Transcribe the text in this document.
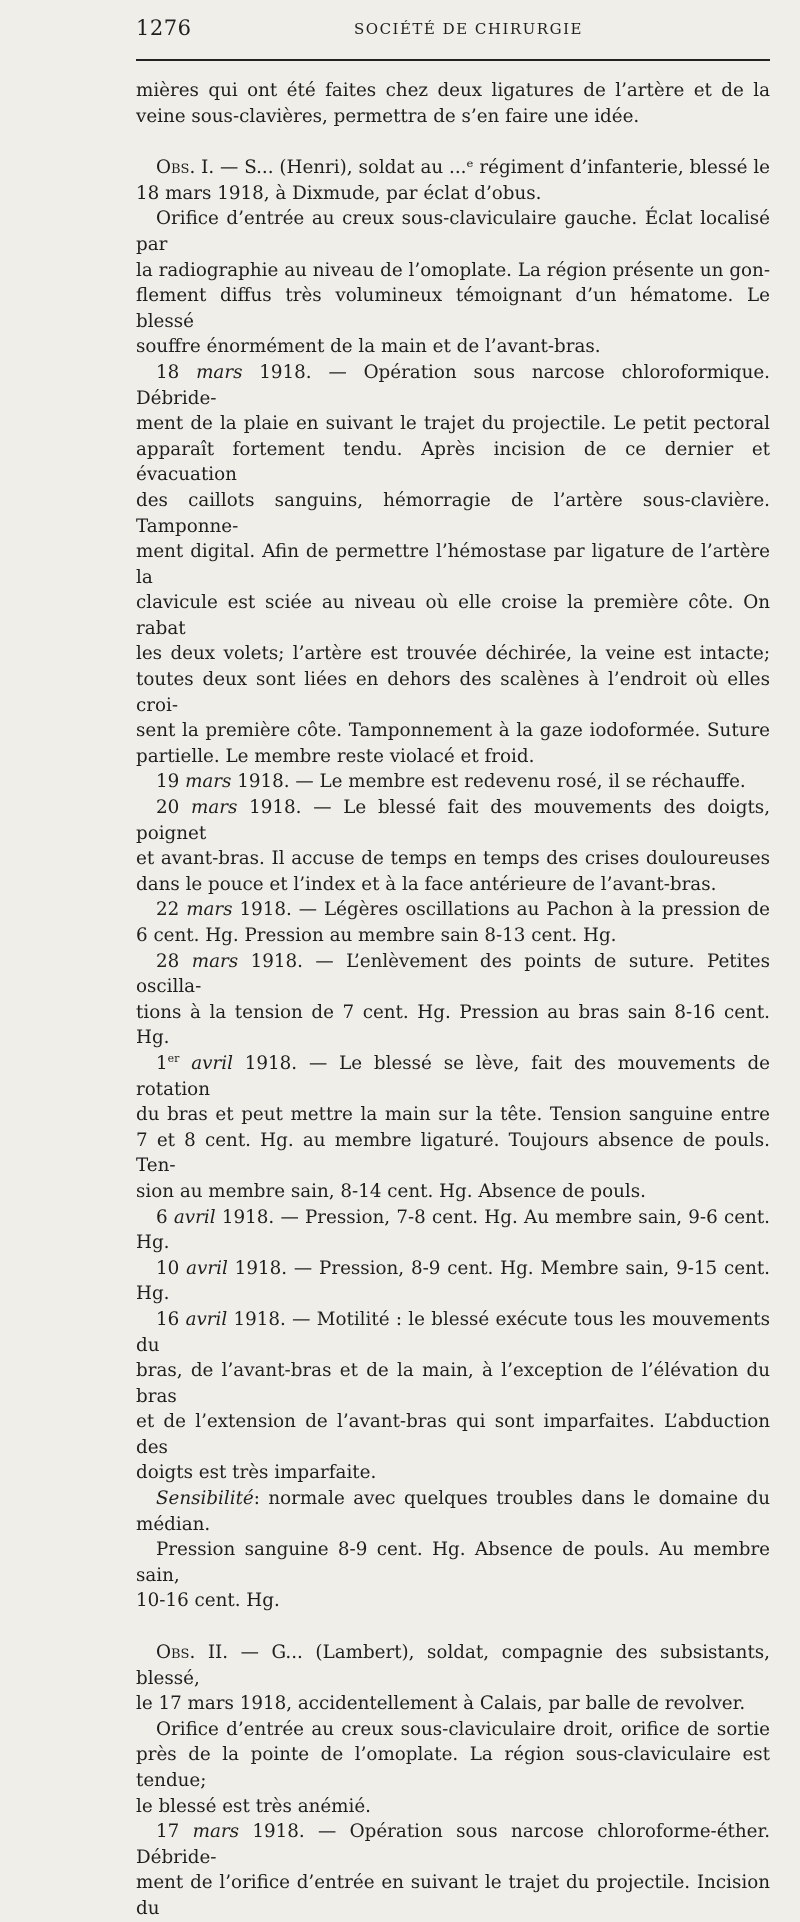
1276	SOCIÉTÉ DE CHIRURGIE

mières qui ont été faites chez deux ligatures de l’artère et de la

veine sous-clavières, permettra de s’en faire une idée.

Obs. I. — S... (Henri), soldat au ...ᵉ régiment d’infanterie, blessé le

18 mars 1918, à Dixmude, par éclat d’obus.

Orifice d’entrée au creux sous-claviculaire gauche. Éclat localisé par

la radiographie au niveau de l’omoplate. La région présente un gon-

flement diffus très volumineux témoignant d’un hématome. Le blessé

souffre énormément de la main et de l’avant-bras.

18 mars 1918. — Opération sous narcose chloroformique. Débride-

ment de la plaie en suivant le trajet du projectile. Le petit pectoral

apparaît fortement tendu. Après incision de ce dernier et évacuation

des caillots sanguins, hémorragie de l’artère sous-clavière. Tamponne-

ment digital. Afin de permettre l’hémostase par ligature de l’artère la

clavicule est sciée au niveau où elle croise la première côte. On rabat

les deux volets; l’artère est trouvée déchirée, la veine est intacte;

toutes deux sont liées en dehors des scalènes à l’endroit où elles croi-

sent la première côte. Tamponnement à la gaze iodoformée. Suture

partielle. Le membre reste violacé et froid.

19 mars 1918. — Le membre est redevenu rosé, il se réchauffe.

20 mars 1918. — Le blessé fait des mouvements des doigts, poignet

et avant-bras. Il accuse de temps en temps des crises douloureuses

dans le pouce et l’index et à la face antérieure de l’avant-bras.

22 mars 1918. — Légères oscillations au Pachon à la pression de

6 cent. Hg. Pression au membre sain 8-13 cent. Hg.

28 mars 1918. — L’enlèvement des points de suture. Petites oscilla-

tions à la tension de 7 cent. Hg. Pression au bras sain 8-16 cent. Hg.

1er avril 1918. — Le blessé se lève, fait des mouvements de rotation

du bras et peut mettre la main sur la tête. Tension sanguine entre

7 et 8 cent. Hg. au membre ligaturé. Toujours absence de pouls. Ten-

sion au membre sain, 8-14 cent. Hg. Absence de pouls.

6 avril 1918. — Pression, 7-8 cent. Hg. Au membre sain, 9-6 cent. Hg.

10 avril 1918. — Pression, 8-9 cent. Hg. Membre sain, 9-15 cent. Hg.

16 avril 1918. — Motilité : le blessé exécute tous les mouvements du

bras, de l’avant-bras et de la main, à l’exception de l’élévation du bras

et de l’extension de l’avant-bras qui sont imparfaites. L’abduction des

doigts est très imparfaite.

Sensibilité: normale avec quelques troubles dans le domaine du médian.

Pression sanguine 8-9 cent. Hg. Absence de pouls. Au membre sain,

10-16 cent. Hg.

Obs. II. — G... (Lambert), soldat, compagnie des subsistants, blessé,

le 17 mars 1918, accidentellement à Calais, par balle de revolver.

Orifice d’entrée au creux sous-claviculaire droit, orifice de sortie

près de la pointe de l’omoplate. La région sous-claviculaire est tendue;

le blessé est très anémié.

17 mars 1918. — Opération sous narcose chloroforme-éther. Débride-

ment de l’orifice d’entrée en suivant le trajet du projectile. Incision du
